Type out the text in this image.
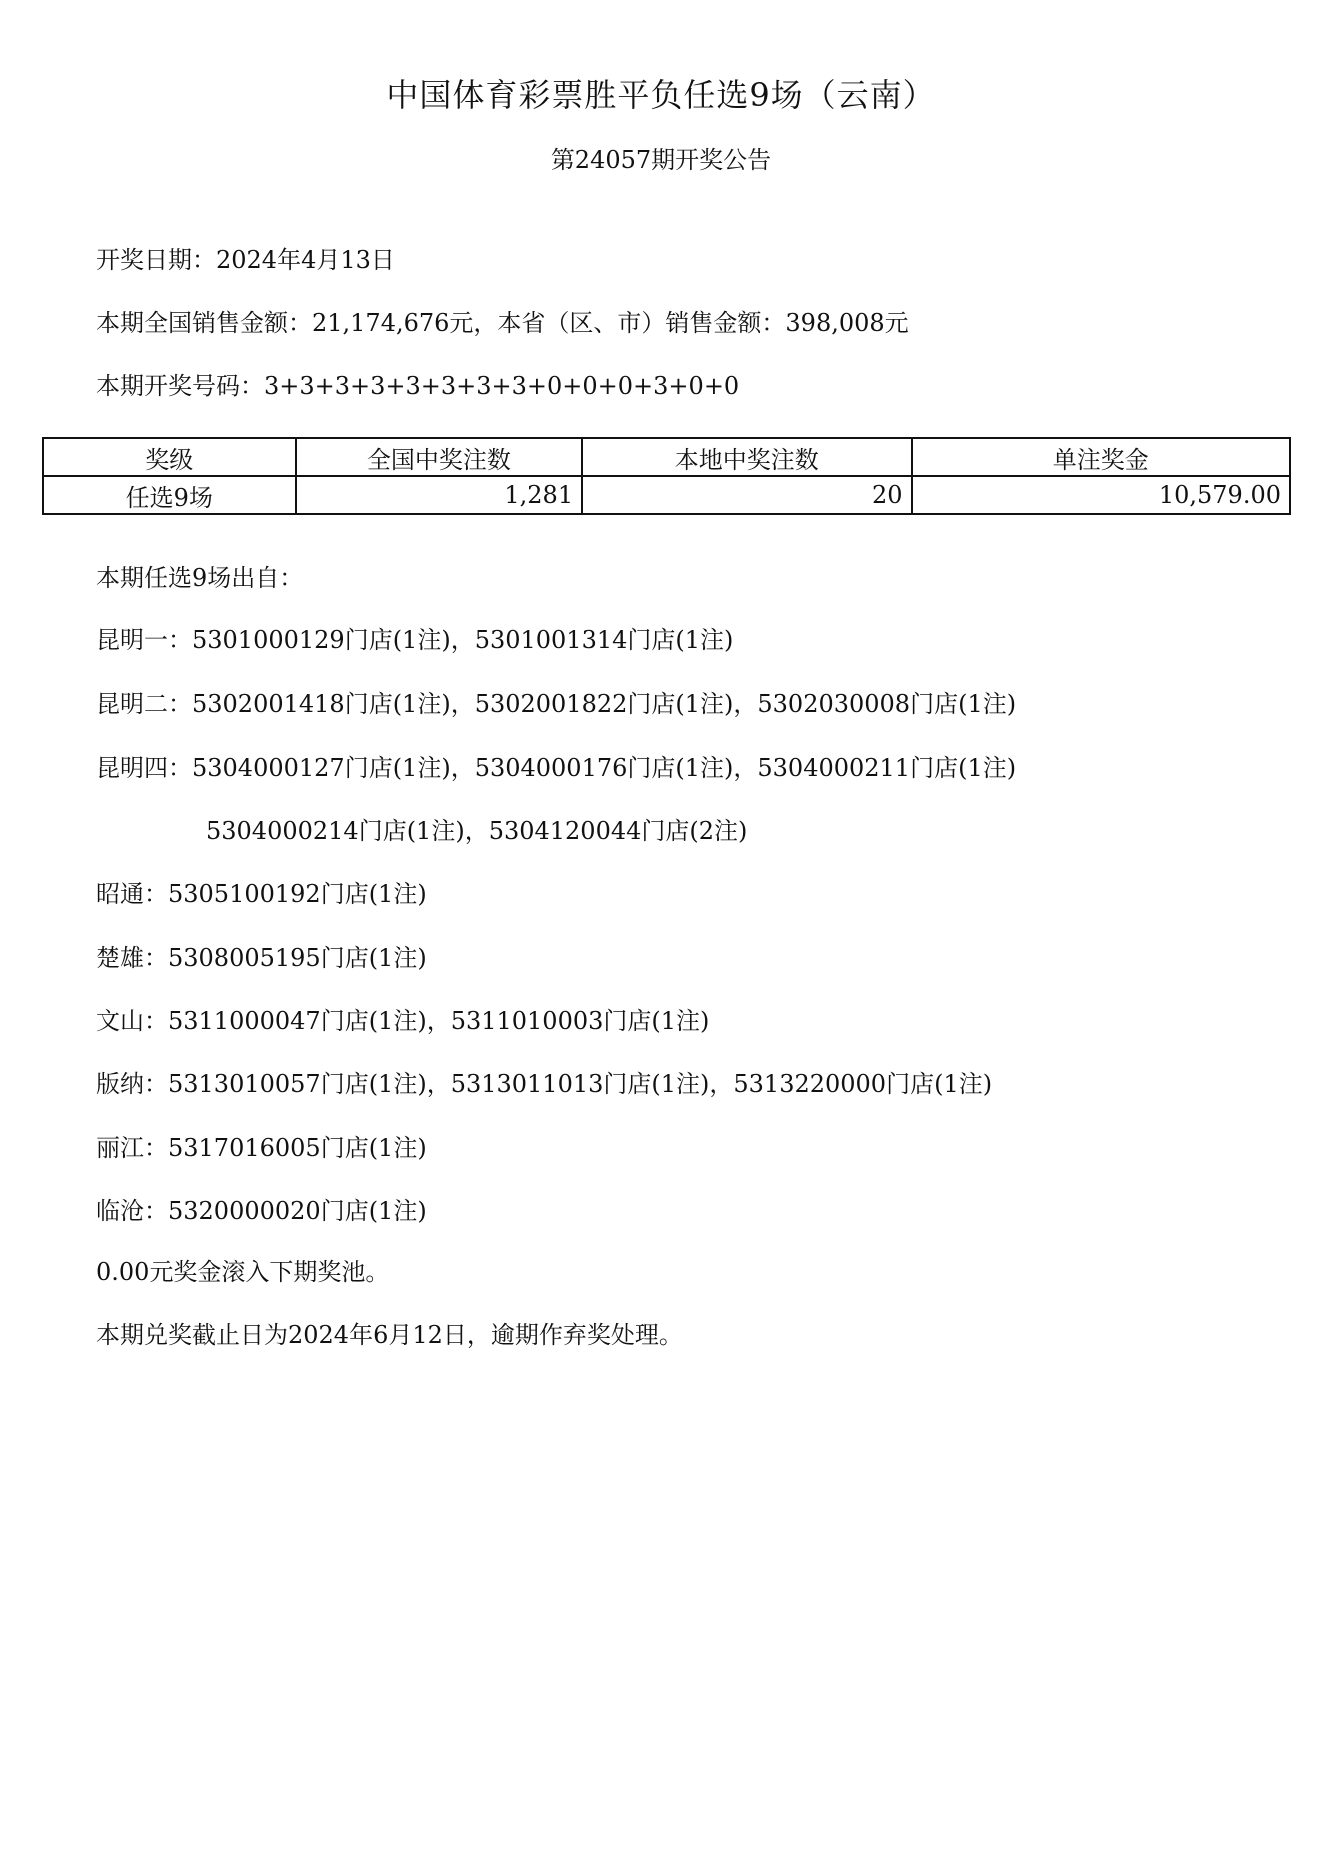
中国体育彩票胜平负任选9场（云南）
第24057期开奖公告
开奖日期：2024年4月13日
本期全国销售金额：21,174,676元，本省（区、市）销售金额：398,008元
本期开奖号码：3+3+3+3+3+3+3+3+0+0+0+3+0+0
奖级	全国中奖注数	本地中奖注数	单注奖金
任选9场	1,281	20	10,579.00
本期任选9场出自：
昆明一： 5301000129门店(1注)，5301001314门店(1注)
昆明二： 5302001418门店(1注)，5302001822门店(1注)，5302030008门店(1注)
昆明四： 5304000127门店(1注)，5304000176门店(1注)，5304000211门店(1注)
5304000214门店(1注)，5304120044门店(2注)
昭通： 5305100192门店(1注)
楚雄： 5308005195门店(1注)
文山： 5311000047门店(1注)，5311010003门店(1注)
版纳： 5313010057门店(1注)，5313011013门店(1注)，5313220000门店(1注)
丽江： 5317016005门店(1注)
临沧： 5320000020门店(1注)
0.00元奖金滚入下期奖池。
本期兑奖截止日为2024年6月12日，逾期作弃奖处理。
